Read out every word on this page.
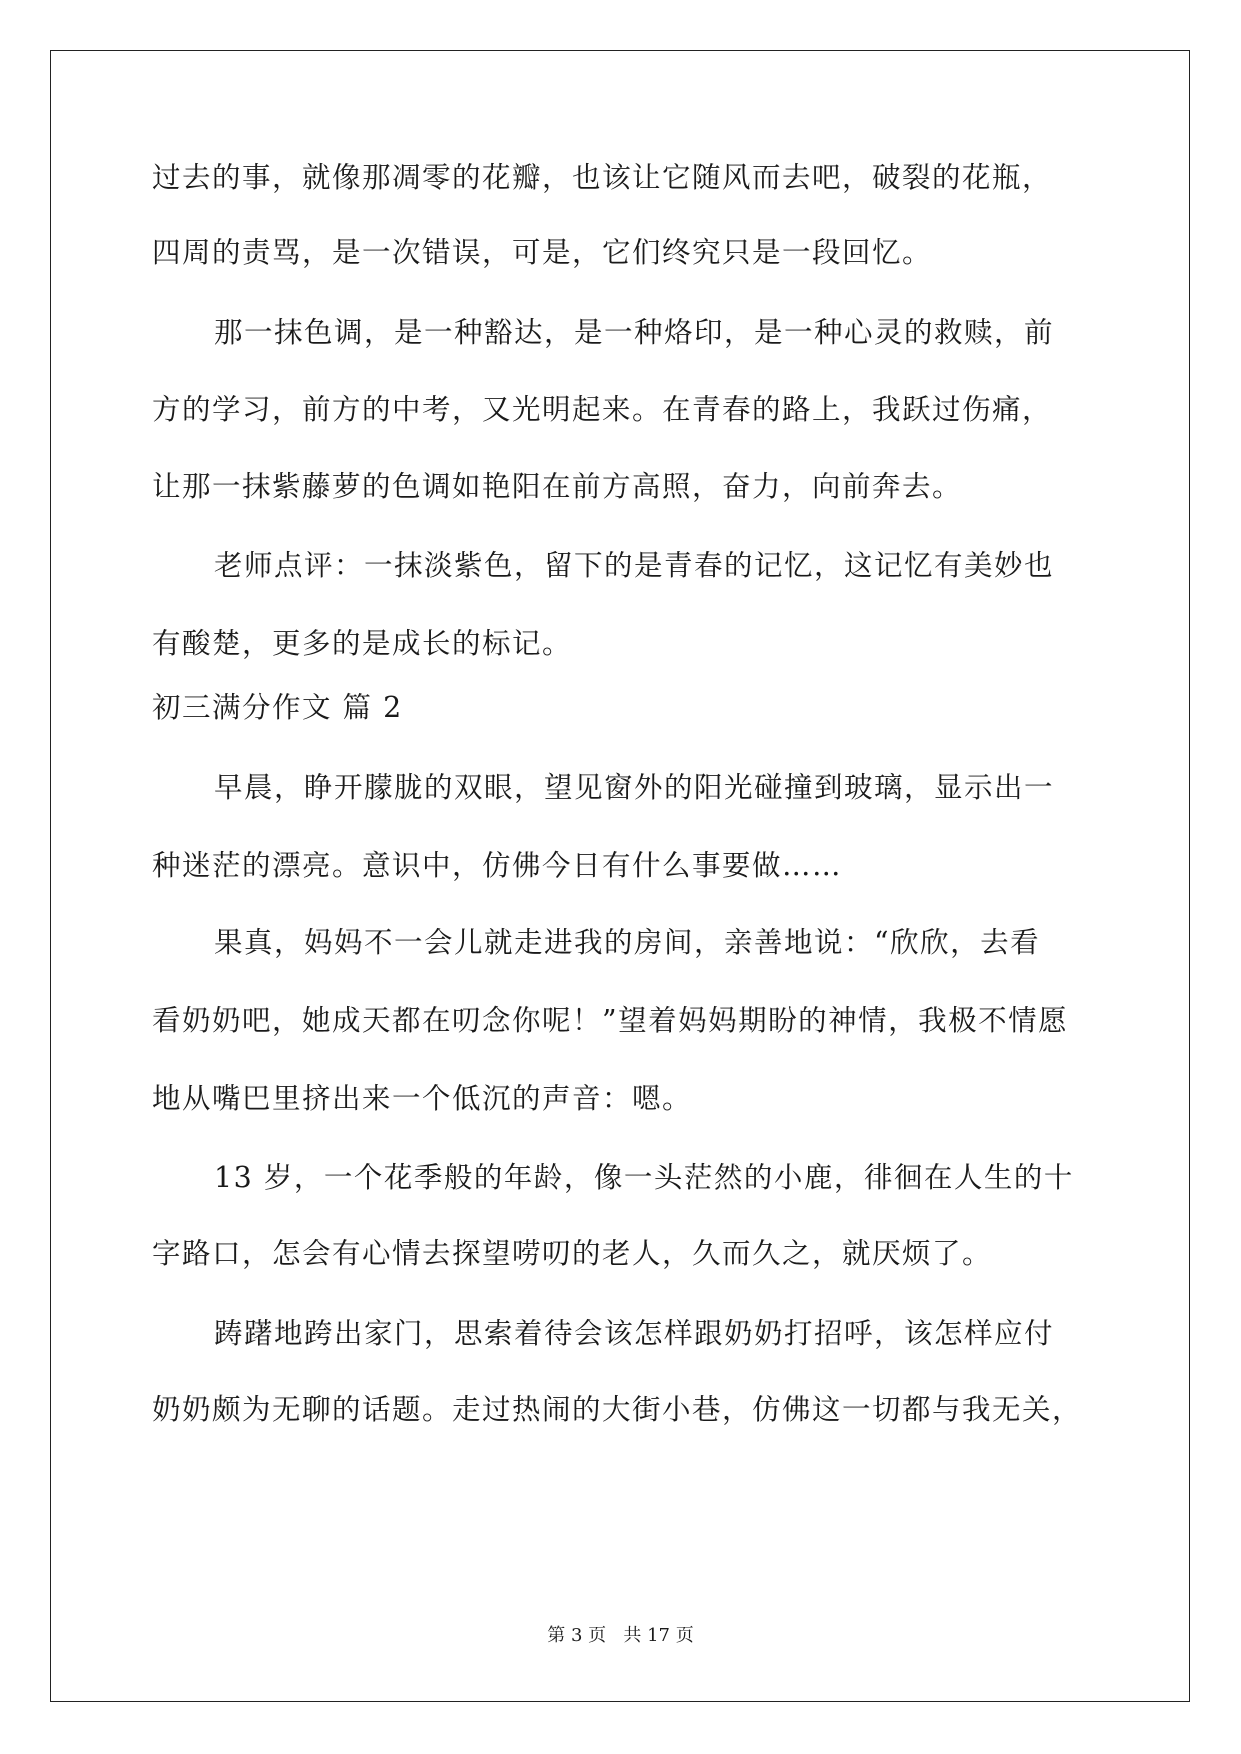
过去的事，就像那凋零的花瓣，也该让它随风而去吧，破裂的花瓶，
四周的责骂，是一次错误，可是，它们终究只是一段回忆。
那一抹色调，是一种豁达，是一种烙印，是一种心灵的救赎，前
方的学习，前方的中考，又光明起来。在青春的路上，我跃过伤痛，
让那一抹紫藤萝的色调如艳阳在前方高照，奋力，向前奔去。
老师点评：一抹淡紫色，留下的是青春的记忆，这记忆有美妙也
有酸楚，更多的是成长的标记。
初三满分作文 篇 2
早晨，睁开朦胧的双眼，望见窗外的阳光碰撞到玻璃，显示出一
种迷茫的漂亮。意识中，仿佛今日有什么事要做……
果真，妈妈不一会儿就走进我的房间，亲善地说：“欣欣，去看
看奶奶吧，她成天都在叨念你呢！”望着妈妈期盼的神情，我极不情愿
地从嘴巴里挤出来一个低沉的声音：嗯。
13 岁，一个花季般的年龄，像一头茫然的小鹿，徘徊在人生的十
字路口，怎会有心情去探望唠叨的老人，久而久之，就厌烦了。
踌躇地跨出家门，思索着待会该怎样跟奶奶打招呼，该怎样应付
奶奶颇为无聊的话题。走过热闹的大街小巷，仿佛这一切都与我无关，
第 3 页   共 17 页
